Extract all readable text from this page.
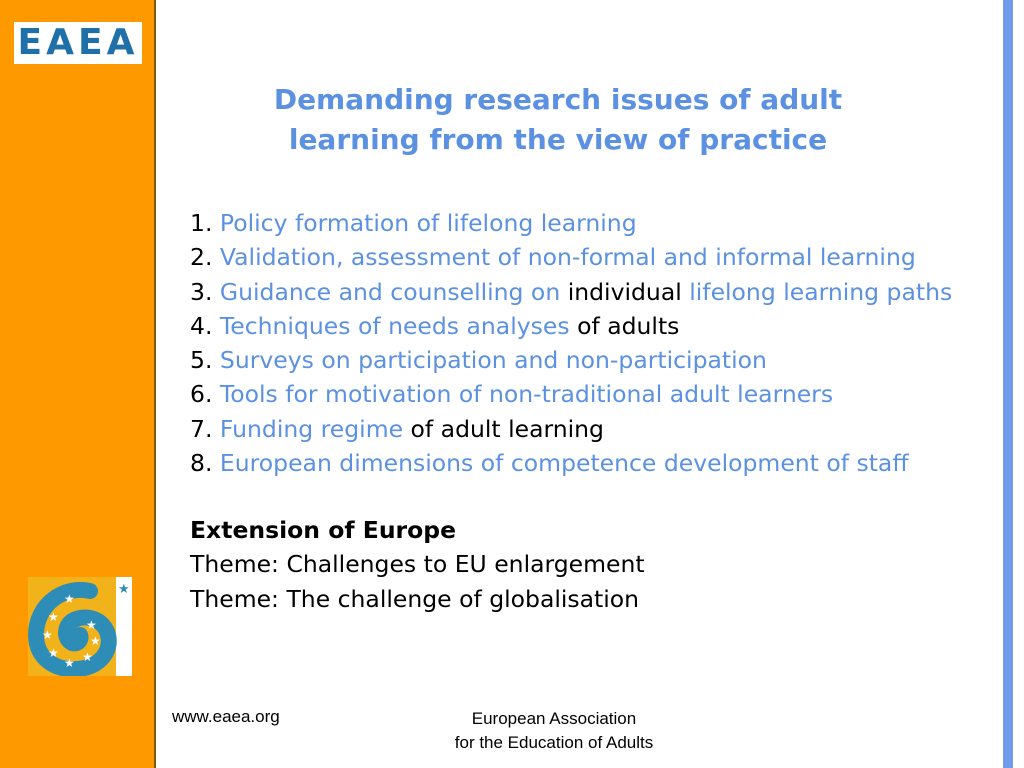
EAEA
★
★
★
★
★ ★
★
★
★
Demanding research issues of adult
learning from the view of practice
1. Policy formation of lifelong learning
2. Validation, assessment of non-formal and informal learning
3. Guidance and counselling on individual lifelong learning paths
4. Techniques of needs analyses of adults
5. Surveys on participation and non-participation
6. Tools for motivation of non-traditional adult learners
7. Funding regime of adult learning
8. European dimensions of competence development of staff
Extension of Europe
Theme: Challenges to EU enlargement
Theme: The challenge of globalisation
www.eaea.org	European Association
for the Education of Adults
